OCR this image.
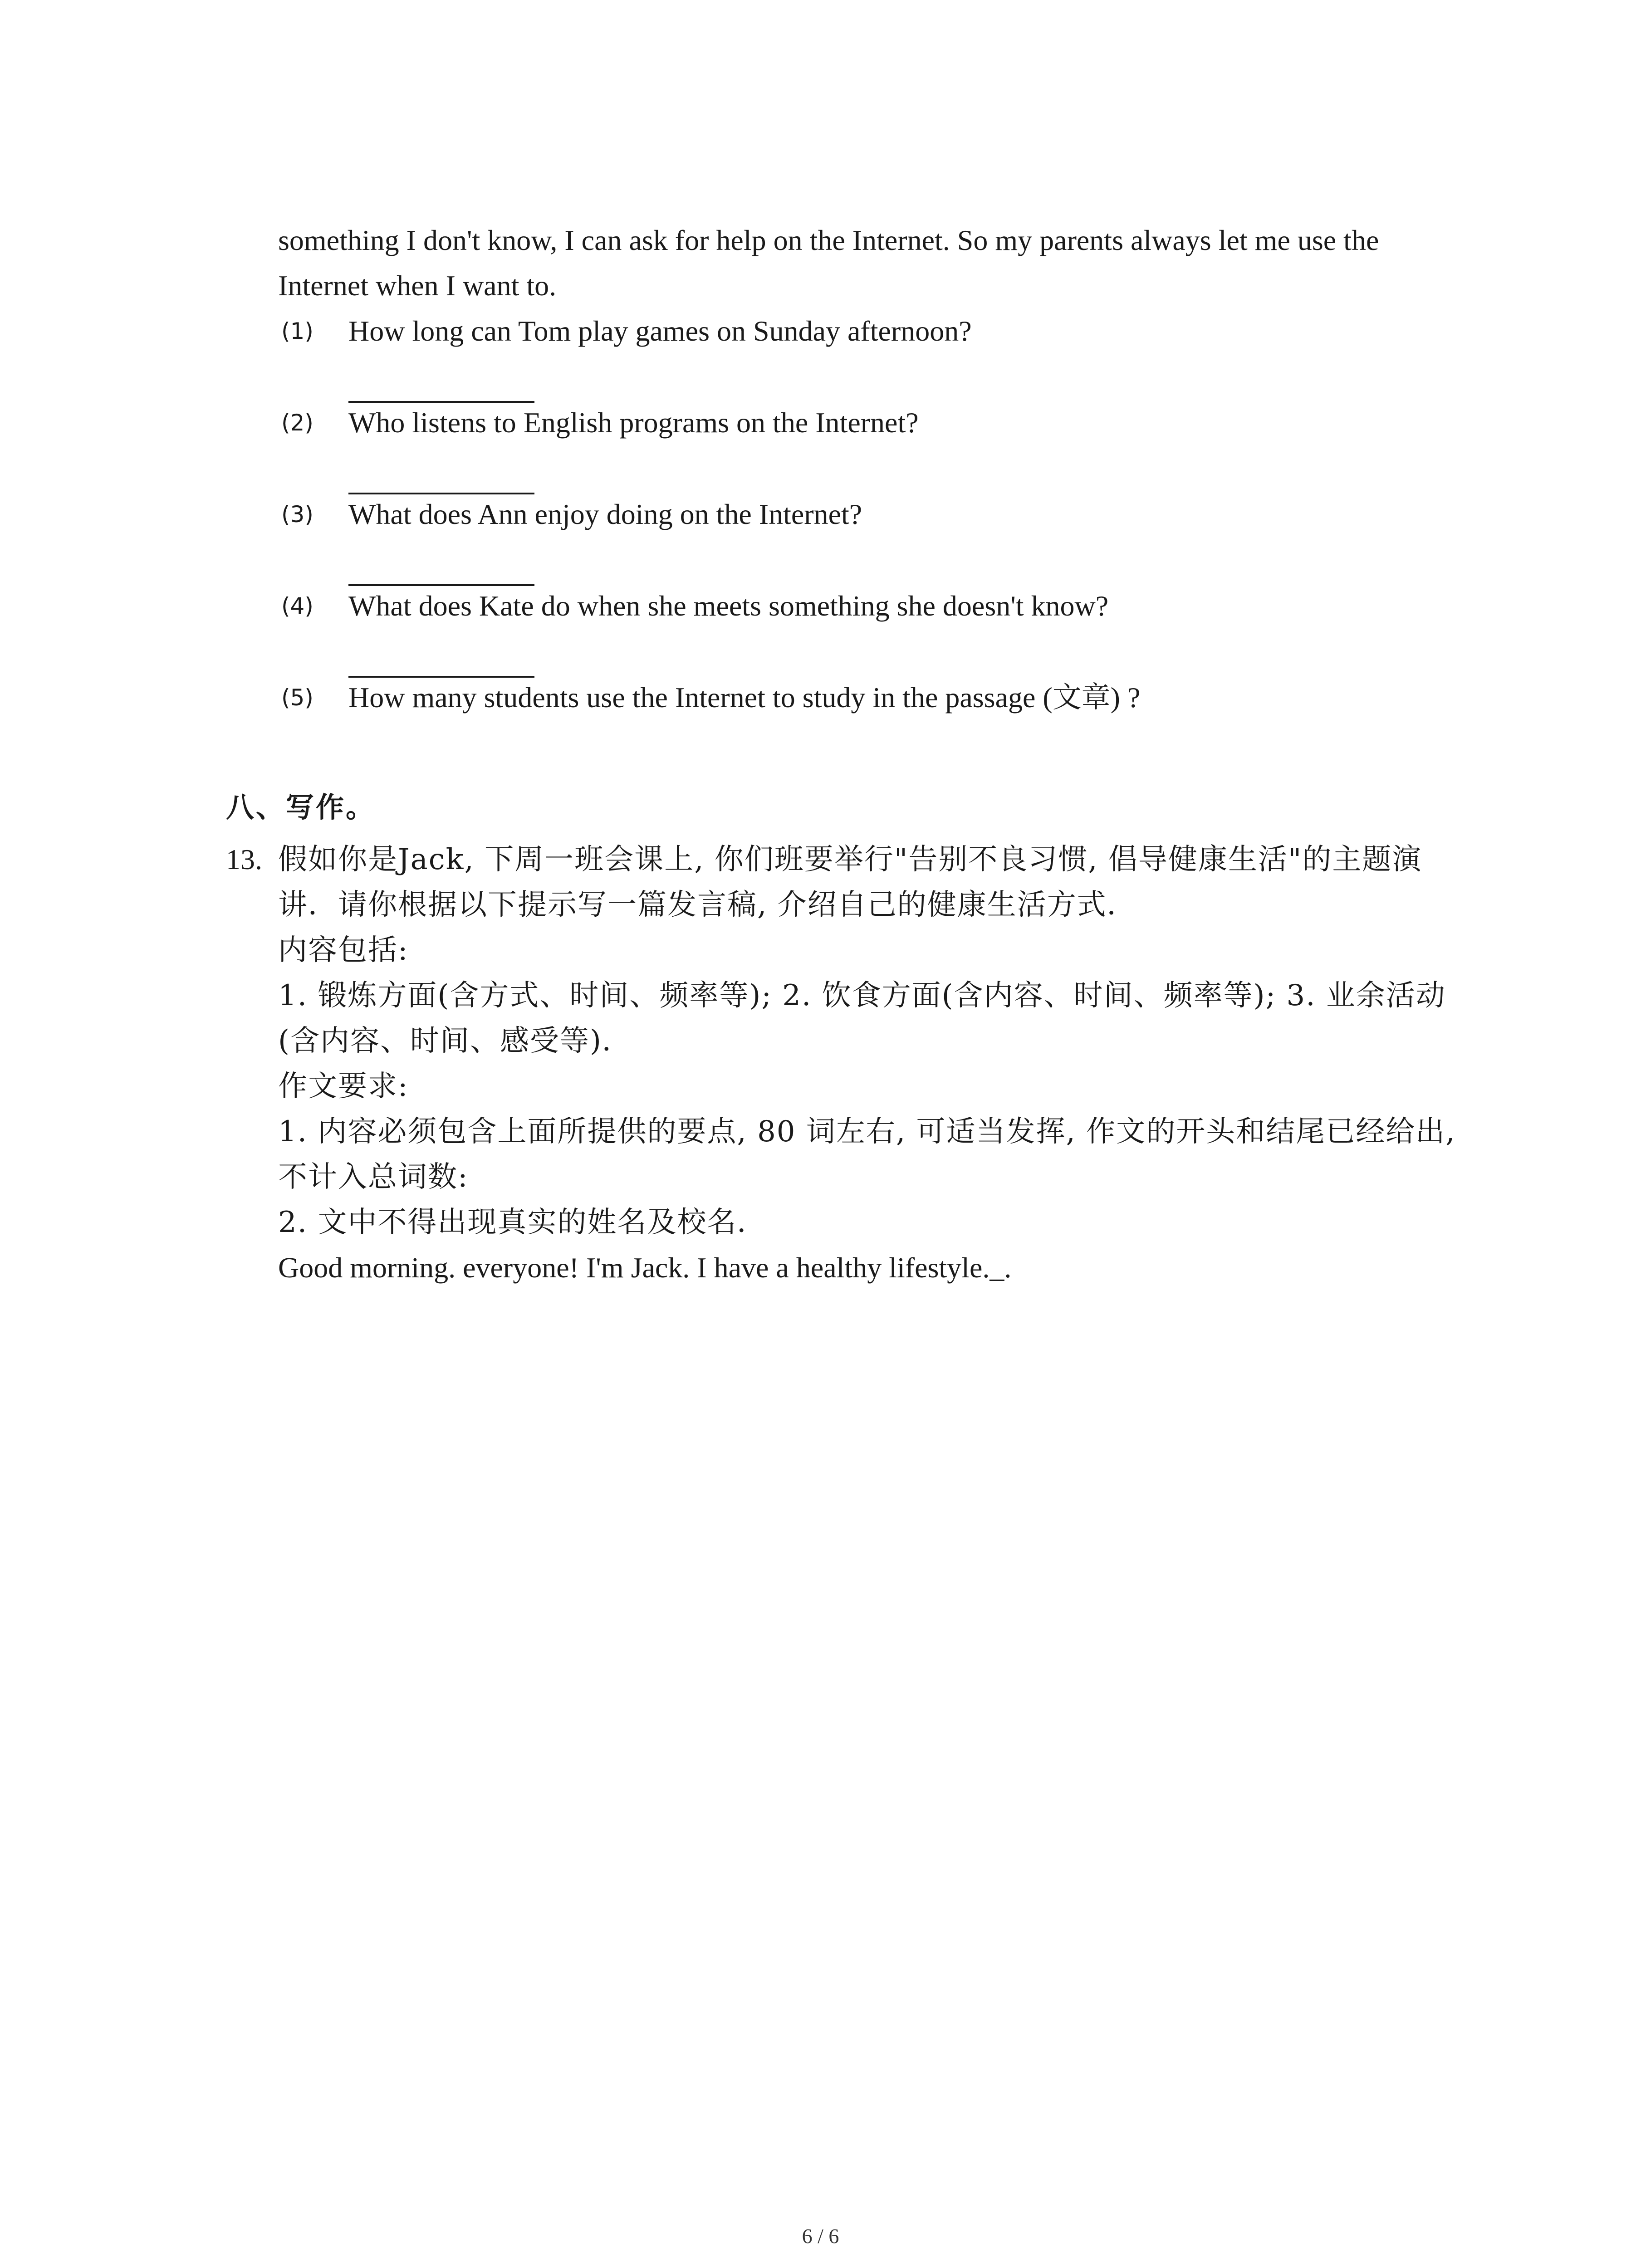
something I don't know, I can ask for help on the Internet. So my parents always let me use the
Internet when I want to.
(1) How long can Tom play games on Sunday afternoon?
(2) Who listens to English programs on the Internet?
(3) What does Ann enjoy doing on the Internet?
(4) What does Kate do when she meets something she doesn't know?
(5) How many students use the Internet to study in the passage (文章) ?
八、写作。
13. 假如你是Jack, 下周一班会课上, 你们班要举行"告别不良习惯, 倡导健康生活"的主题演
讲．请你根据以下提示写一篇发言稿, 介绍自己的健康生活方式．
内容包括:
1. 锻炼方面(含方式、时间、频率等); 2. 饮食方面(含内容、时间、频率等); 3. 业余活动
(含内容、时间、感受等)．
作文要求:
1. 内容必须包含上面所提供的要点, 80 词左右, 可适当发挥, 作文的开头和结尾已经给出,
不计入总词数:
2. 文中不得出现真实的姓名及校名．
Good morning. everyone! I'm Jack. I have a healthy lifestyle._.
6 / 6
